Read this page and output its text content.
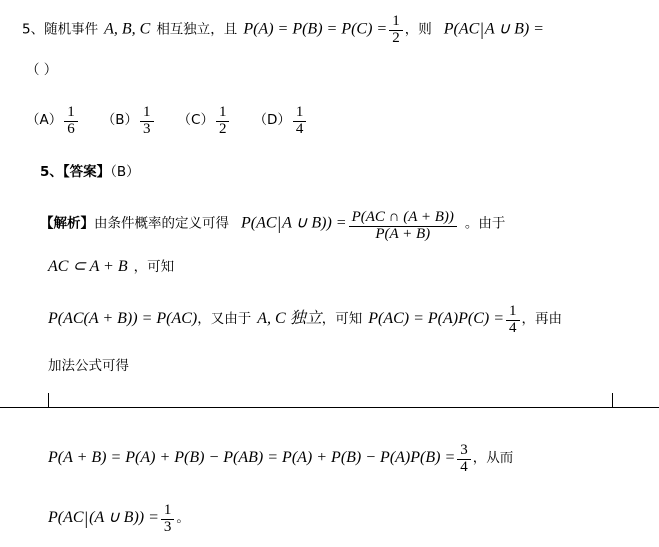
5、随机事件 A, B, C 相互独立，且 $P(A) = P(B) = P(C) = \frac{1}{2}$ ，则 P(AC|A ∪ B) =
（ ）
$(A) \frac{1}{6} (B) \frac{1}{3} (C) \frac{1}{2} (D) \frac{1}{4}$
5、【答案】（B）
【解析】由条件概率的定义可得 P(AC|A ∪ $B)) = \frac{P(AC \cap (A + B))}{P(A + B)}$ 。由于
AC ⊂ A + B ，可知
P(AC(A + B)) = P(AC)，又由于 A, C 独立，可知 $P(AC) = P(A)P(C) = \frac{1}{4}$ ，再由
加法公式可得
$P(A + B) = P(A) + P(B) - P(AB) = P(A) + P(B) - P(A)P(B) = \frac{3}{4}$ ，从而
P(AC|(A ∪ $B)) = \frac{1}{3}$ 。
